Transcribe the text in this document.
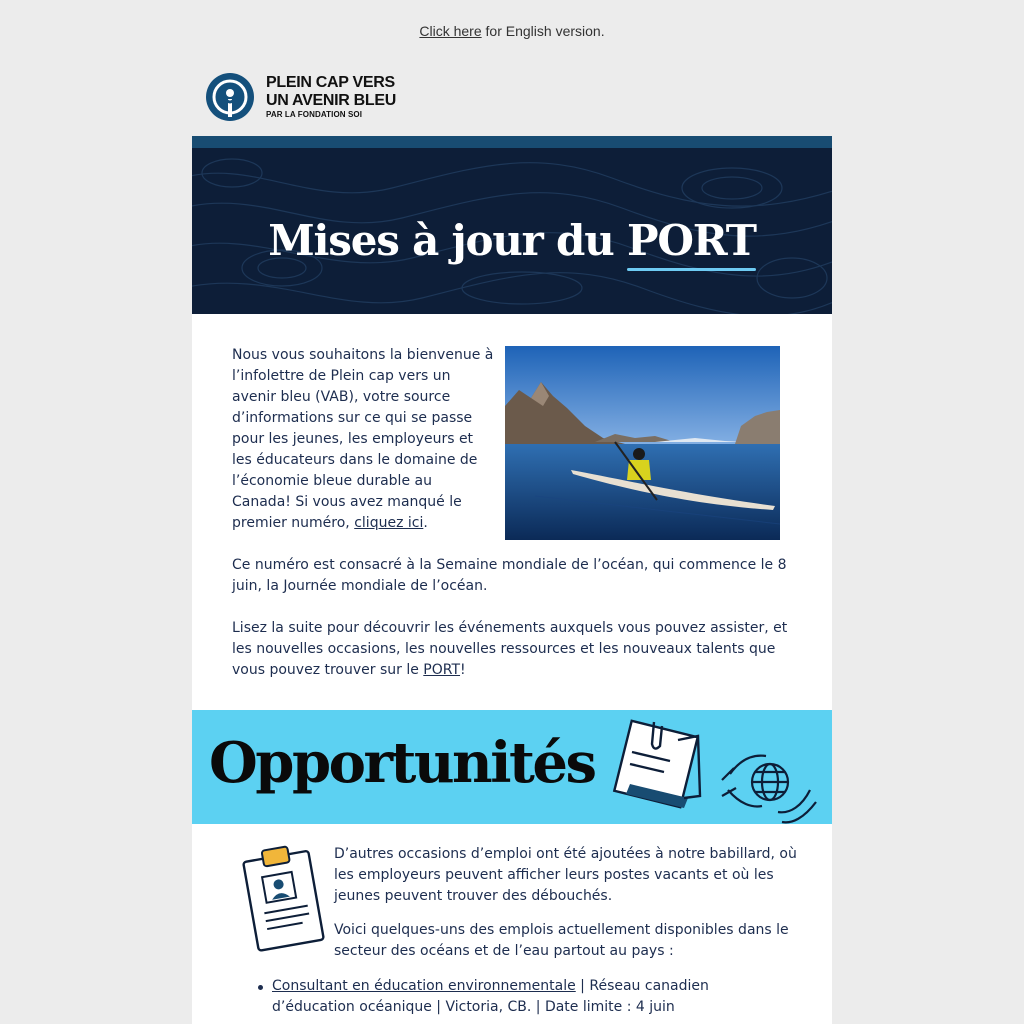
Click here for English version.
PLEIN CAP VERS
UN AVENIR BLEU
PAR LA FONDATION SOI
Mises à jour du PORT
Nous vous souhaitons la bienvenue à l’infolettre de Plein cap vers un avenir bleu (VAB), votre source d’informations sur ce qui se passe pour les jeunes, les employeurs et les éducateurs dans le domaine de l’économie bleue durable au Canada! Si vous avez manqué le premier numéro, cliquez ici.
Ce numéro est consacré à la Semaine mondiale de l’océan, qui commence le 8 juin, la Journée mondiale de l’océan.
Lisez la suite pour découvrir les événements auxquels vous pouvez assister, et les nouvelles occasions, les nouvelles ressources et les nouveaux talents que vous pouvez trouver sur le PORT!
Opportunités
D’autres occasions d’emploi ont été ajoutées à notre babillard, où les employeurs peuvent afficher leurs postes vacants et où les jeunes peuvent trouver des débouchés.
Voici quelques-uns des emplois actuellement disponibles dans le secteur des océans et de l’eau partout au pays :
Consultant en éducation environnementale | Réseau canadien d’éducation océanique | Victoria, CB. | Date limite : 4 juin
